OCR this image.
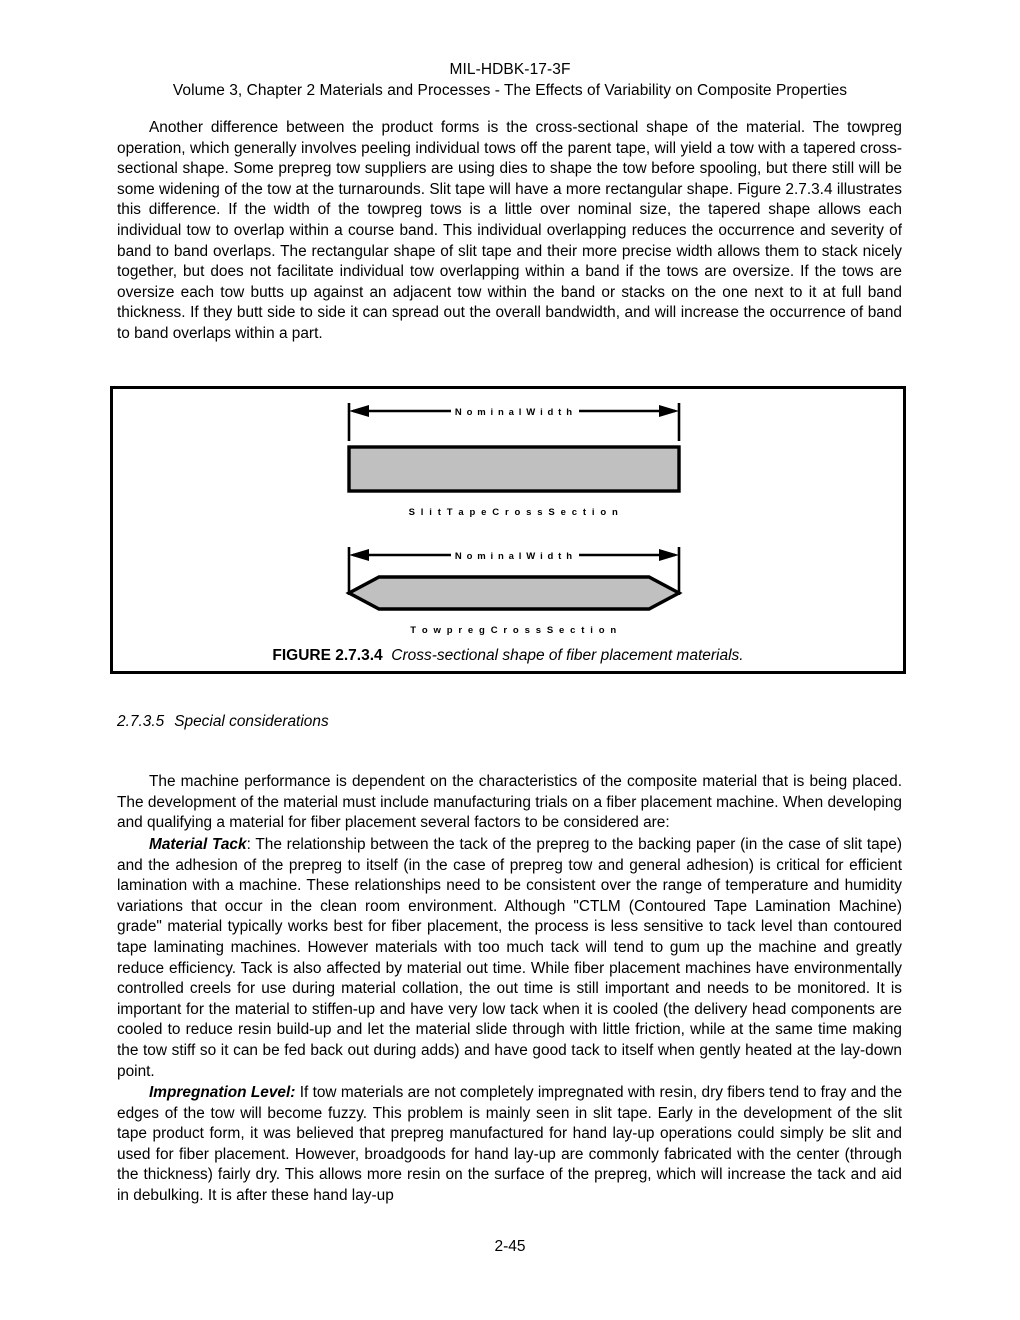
MIL-HDBK-17-3F
Volume 3, Chapter 2 Materials and Processes - The Effects of Variability on Composite Properties

Another difference between the product forms is the cross-sectional shape of the material. The towpreg operation, which generally involves peeling individual tows off the parent tape, will yield a tow with a tapered cross-sectional shape. Some prepreg tow suppliers are using dies to shape the tow before spooling, but there still will be some widening of the tow at the turnarounds. Slit tape will have a more rectangular shape. Figure 2.7.3.4 illustrates this difference. If the width of the towpreg tows is a little over nominal size, the tapered shape allows each individual tow to overlap within a course band. This individual overlapping reduces the occurrence and severity of band to band overlaps. The rectangular shape of slit tape and their more precise width allows them to stack nicely together, but does not facilitate individual tow overlapping within a band if the tows are oversize. If the tows are oversize each tow butts up against an adjacent tow within the band or stacks on the one next to it at full band thickness. If they butt side to side it can spread out the overall bandwidth, and will increase the occurrence of band to band overlaps within a part.

N o m i n a l W i d t h
S l i t T a p e C r o s s S e c t i o n
N o m i n a l W i d t h
T o w p r e g C r o s s S e c t i o n
FIGURE 2.7.3.4 Cross-sectional shape of fiber placement materials.
2.7.3.5 Special considerations

The machine performance is dependent on the characteristics of the composite material that is being placed. The development of the material must include manufacturing trials on a fiber placement machine. When developing and qualifying a material for fiber placement several factors to be considered are:

Material Tack: The relationship between the tack of the prepreg to the backing paper (in the case of slit tape) and the adhesion of the prepreg to itself (in the case of prepreg tow and general adhesion) is critical for efficient lamination with a machine. These relationships need to be consistent over the range of temperature and humidity variations that occur in the clean room environment. Although "CTLM (Contoured Tape Lamination Machine) grade" material typically works best for fiber placement, the process is less sensitive to tack level than contoured tape laminating machines. However materials with too much tack will tend to gum up the machine and greatly reduce efficiency. Tack is also affected by material out time. While fiber placement machines have environmentally controlled creels for use during material collation, the out time is still important and needs to be monitored. It is important for the material to stiffen-up and have very low tack when it is cooled (the delivery head components are cooled to reduce resin build-up and let the material slide through with little friction, while at the same time making the tow stiff so it can be fed back out during adds) and have good tack to itself when gently heated at the lay-down point.

Impregnation Level: If tow materials are not completely impregnated with resin, dry fibers tend to fray and the edges of the tow will become fuzzy. This problem is mainly seen in slit tape. Early in the development of the slit tape product form, it was believed that prepreg manufactured for hand lay-up operations could simply be slit and used for fiber placement. However, broadgoods for hand lay-up are commonly fabricated with the center (through the thickness) fairly dry. This allows more resin on the surface of the prepreg, which will increase the tack and aid in debulking. It is after these hand lay-up

2-45
